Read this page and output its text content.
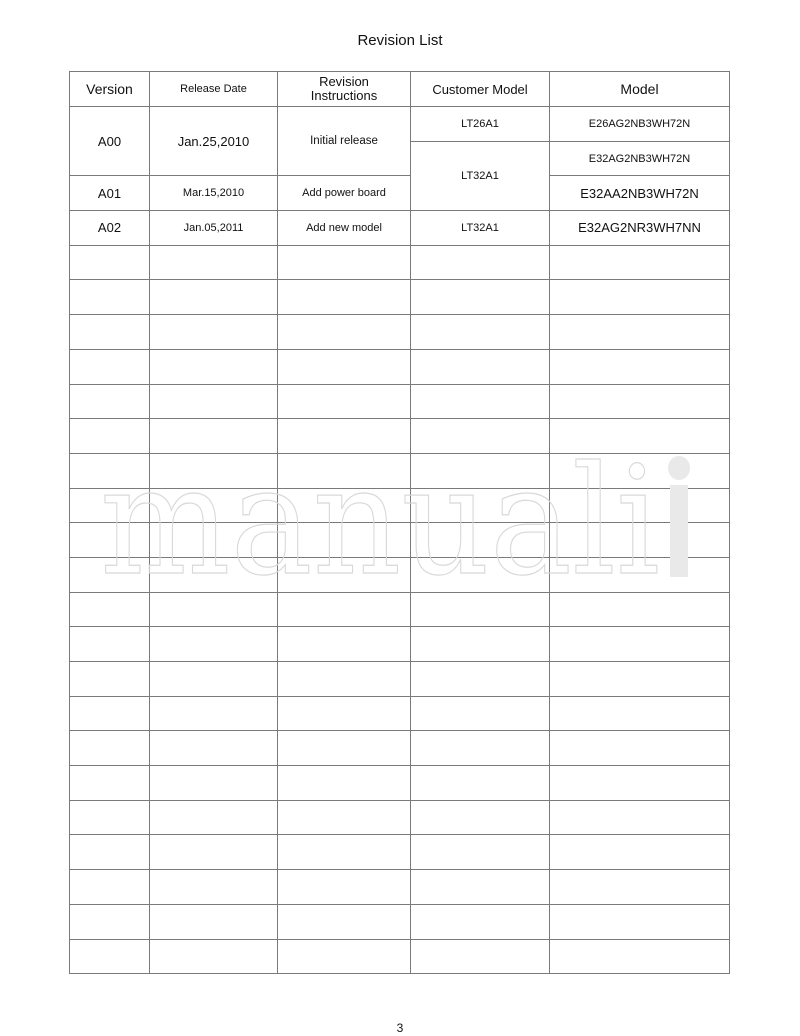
Revision List
Version	Release Date	Revision Instructions	Customer Model	Model
A00	Jan.25,2010	Initial release	LT26A1	E26AG2NB3WH72N
			LT32A1	E32AG2NB3WH72N
A01	Mar.15,2010	Add power board		E32AA2NB3WH72N
A02	Jan.05,2011	Add new model	LT32A1	E32AG2NR3WH7NN

manuali
3
